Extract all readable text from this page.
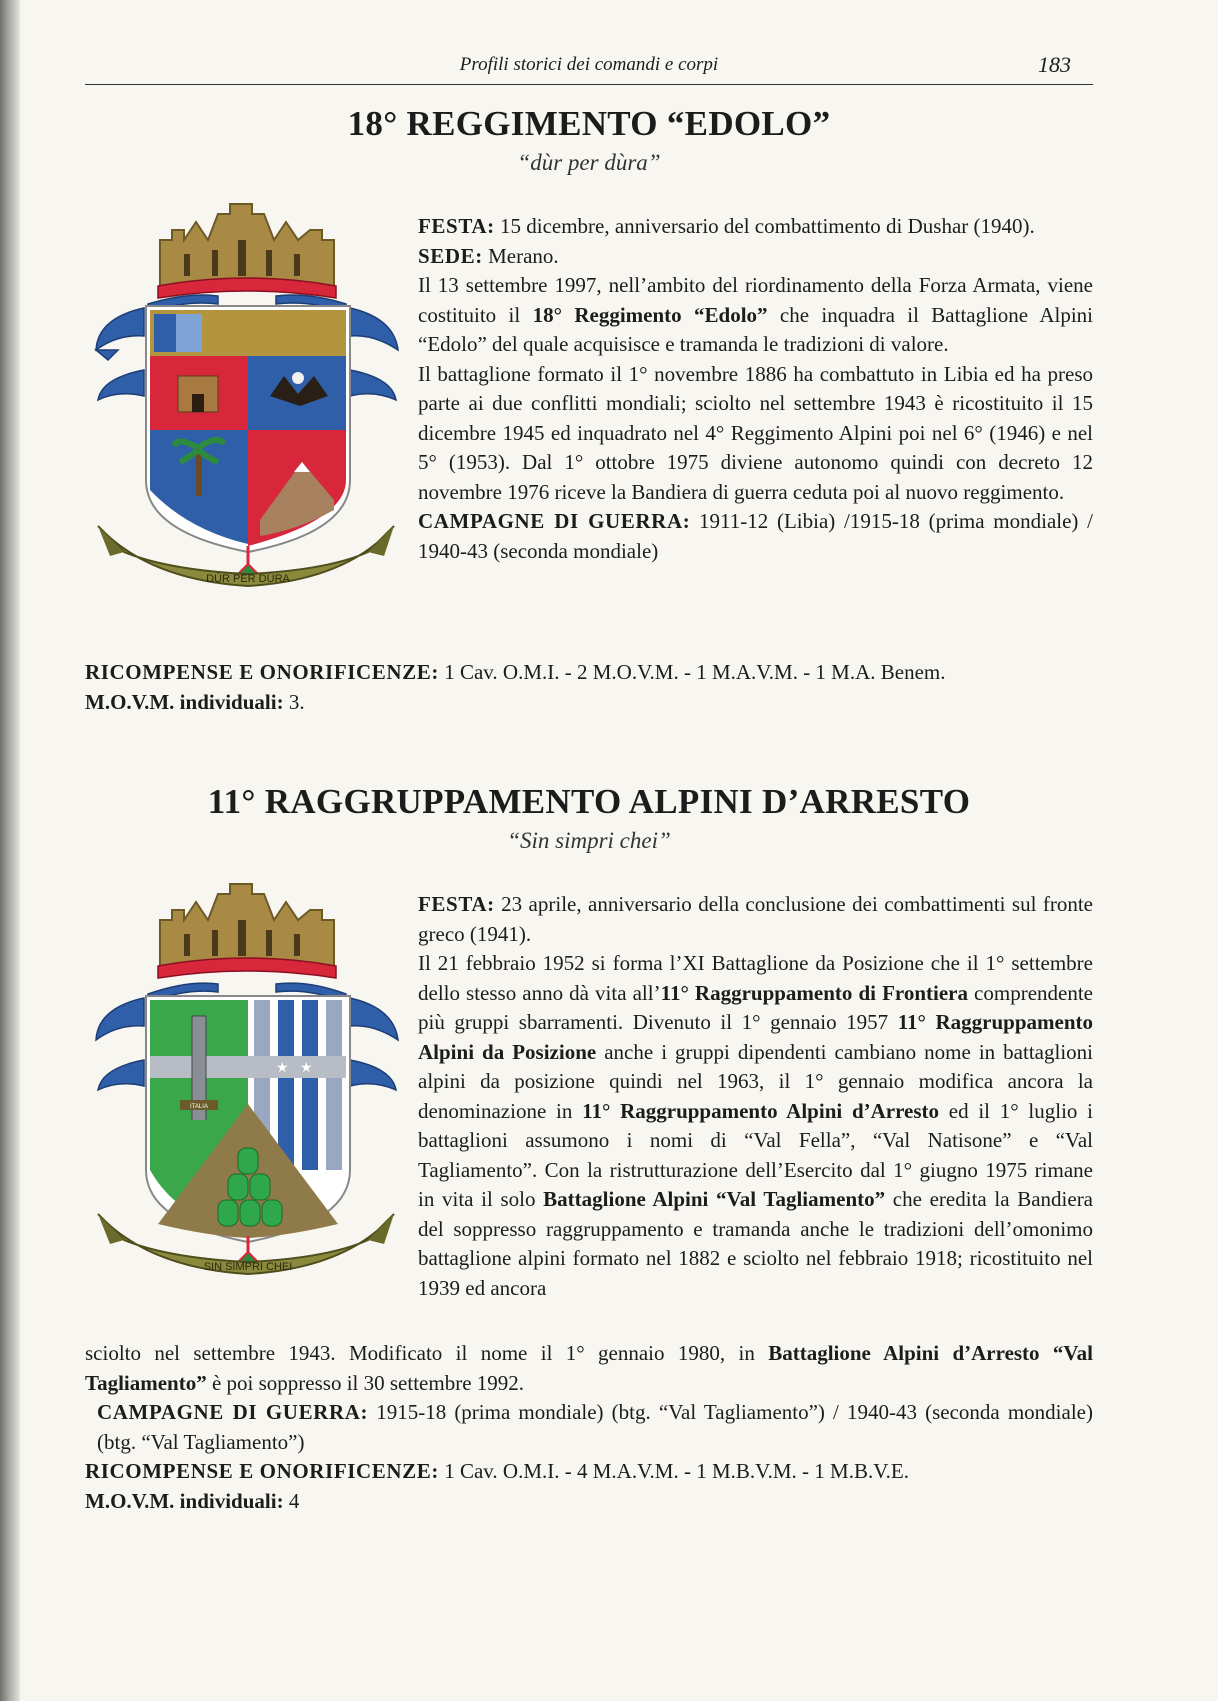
Profili storici dei comandi e corpi	183
18° REGGIMENTO “EDOLO”
“dùr per dùra”
DÙR PER DÙRA

FESTA: 15 dicembre, anniversario del combattimento di Dushar (1940).

SEDE: Merano.

Il 13 settembre 1997, nell’ambito del riordinamento della Forza Armata, viene costituito il 18° Reggimento “Edolo” che inquadra il Battaglione Alpini “Edolo” del quale acquisisce e tramanda le tradizioni di valore.

Il battaglione formato il 1° novembre 1886 ha combattuto in Libia ed ha preso parte ai due conflitti mondiali; sciolto nel settembre 1943 è ricostituito il 15 dicembre 1945 ed inquadrato nel 4° Reggimento Alpini poi nel 6° (1946) e nel 5° (1953). Dal 1° ottobre 1975 diviene autonomo quindi con decreto 12 novembre 1976 riceve la Bandiera di guerra ceduta poi al nuovo reggimento.

CAMPAGNE DI GUERRA: 1911-12 (Libia) /1915-18 (prima mondiale) / 1940-43 (seconda mondiale)

RICOMPENSE E ONORIFICENZE: 1 Cav. O.M.I. - 2 M.O.V.M. - 1 M.A.V.M. - 1 M.A. Benem.

M.O.V.M. individuali: 3.

11° RAGGRUPPAMENTO ALPINI D’ARRESTO
“Sin simpri chei”
ITALIA
★ ★
SIN SIMPRI CHEI

FESTA: 23 aprile, anniversario della conclusione dei combattimenti sul fronte greco (1941).

Il 21 febbraio 1952 si forma l’XI Battaglione da Posizione che il 1° settembre dello stesso anno dà vita all’11° Raggruppamento di Frontiera comprendente più gruppi sbarramenti. Divenuto il 1° gennaio 1957 11° Raggruppamento Alpini da Posizione anche i gruppi dipendenti cambiano nome in battaglioni alpini da posizione quindi nel 1963, il 1° gennaio modifica ancora la denominazione in 11° Raggruppamento Alpini d’Arresto ed il 1° luglio i battaglioni assumono i nomi di “Val Fella”, “Val Natisone” e “Val Tagliamento”. Con la ristrutturazione dell’Esercito dal 1° giugno 1975 rimane in vita il solo Battaglione Alpini “Val Tagliamento” che eredita la Bandiera del soppresso raggruppamento e tramanda anche le tradizioni dell’omonimo battaglione alpini formato nel 1882 e sciolto nel febbraio 1918; ricostituito nel 1939 ed ancora

sciolto nel settembre 1943. Modificato il nome il 1° gennaio 1980, in Battaglione Alpini d’Arresto “Val Tagliamento” è poi soppresso il 30 settembre 1992.

CAMPAGNE DI GUERRA: 1915-18 (prima mondiale) (btg. “Val Tagliamento”) / 1940-43 (seconda mondiale) (btg. “Val Tagliamento”)

RICOMPENSE E ONORIFICENZE: 1 Cav. O.M.I. - 4 M.A.V.M. - 1 M.B.V.M. - 1 M.B.V.E.

M.O.V.M. individuali: 4
